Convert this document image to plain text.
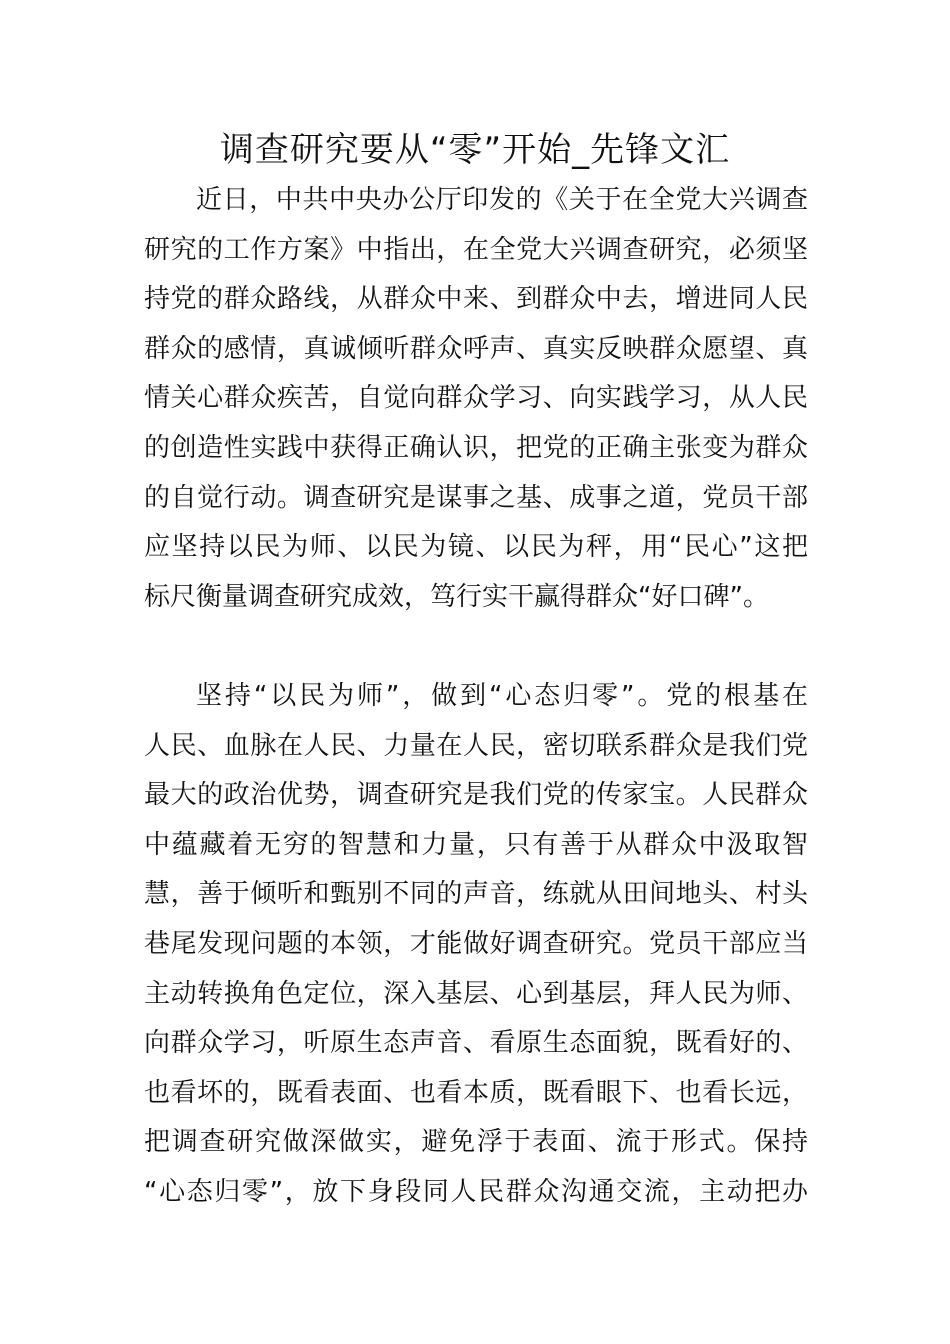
调查研究要从“零”开始_先锋文汇
近日，中共中央办公厅印发的《关于在全党大兴调查
研究的工作方案》中指出，在全党大兴调查研究，必须坚
持党的群众路线，从群众中来、到群众中去，增进同人民
群众的感情，真诚倾听群众呼声、真实反映群众愿望、真
情关心群众疾苦，自觉向群众学习、向实践学习，从人民
的创造性实践中获得正确认识，把党的正确主张变为群众
的自觉行动。调查研究是谋事之基、成事之道，党员干部
应坚持以民为师、以民为镜、以民为秤，用“民心”这把
标尺衡量调查研究成效，笃行实干赢得群众“好口碑”。
坚持“以民为师”，做到“心态归零”。党的根基在
人民、血脉在人民、力量在人民，密切联系群众是我们党
最大的政治优势，调查研究是我们党的传家宝。人民群众
中蕴藏着无穷的智慧和力量，只有善于从群众中汲取智
慧，善于倾听和甄别不同的声音，练就从田间地头、村头
巷尾发现问题的本领，才能做好调查研究。党员干部应当
主动转换角色定位，深入基层、心到基层，拜人民为师、
向群众学习，听原生态声音、看原生态面貌，既看好的、
也看坏的，既看表面、也看本质，既看眼下、也看长远，
把调查研究做深做实，避免浮于表面、流于形式。保持
“心态归零”，放下身段同人民群众沟通交流，主动把办
